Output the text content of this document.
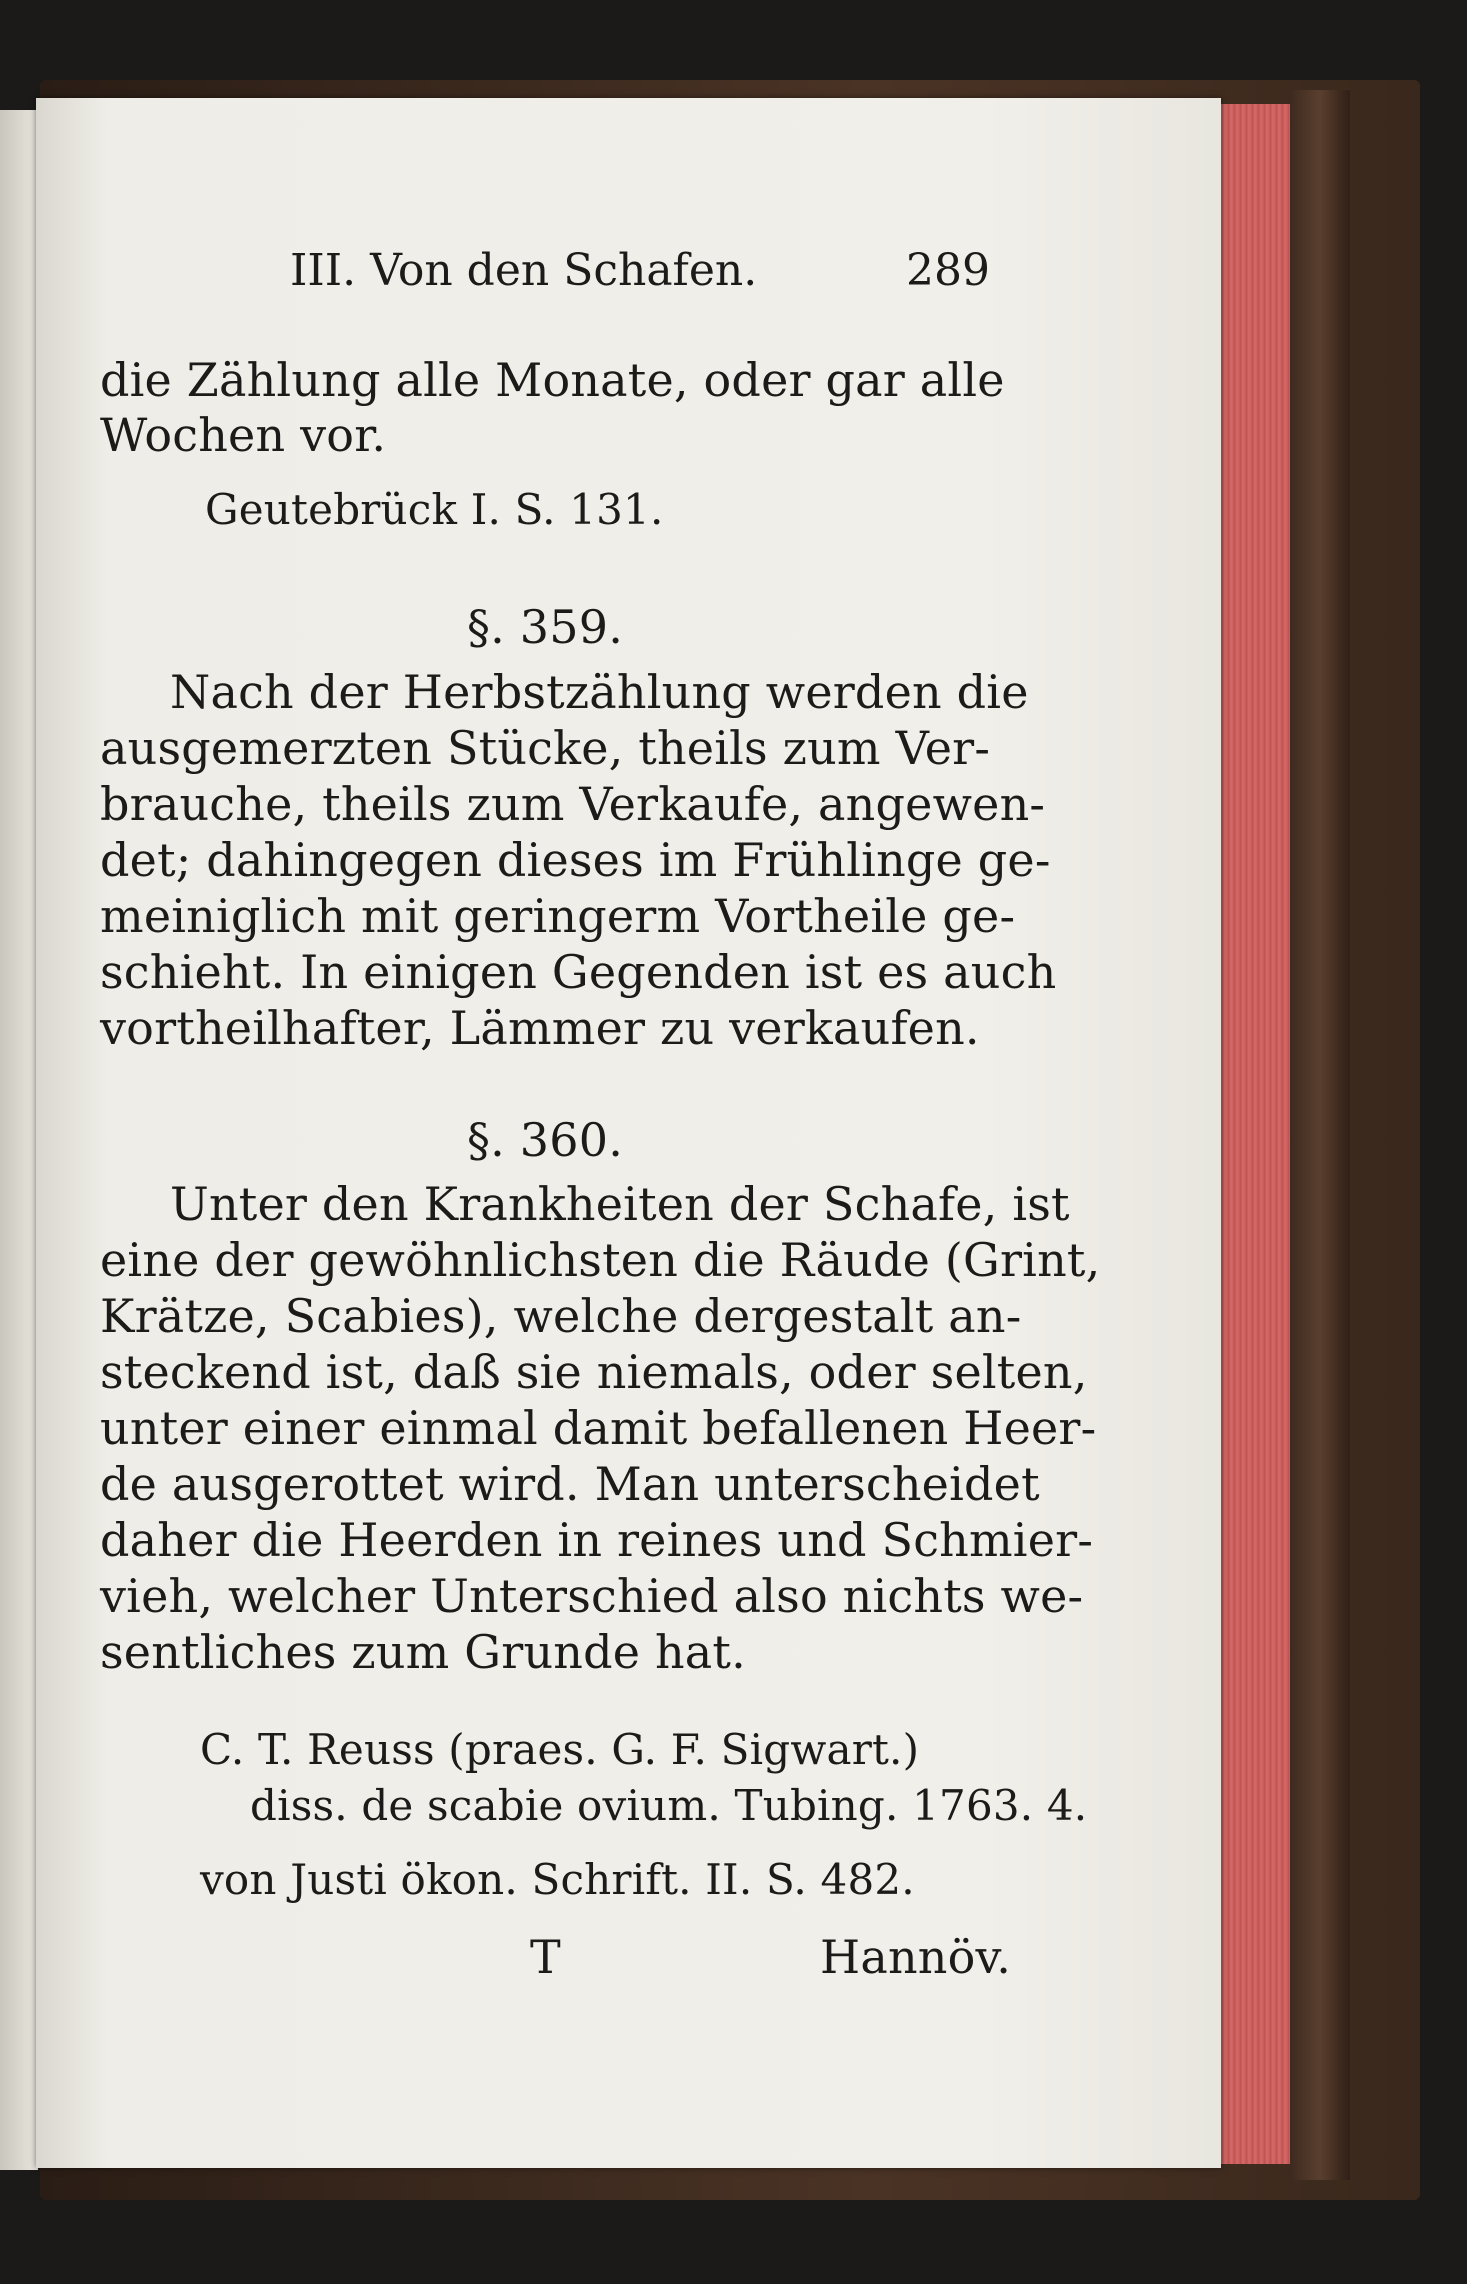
III. Von den Schafen.	289
die Zählung alle Monate, oder gar alle
Wochen vor.
Geutebrück I. S. 131.
§. 359.
Nach der Herbstzählung werden die
ausgemerzten Stücke, theils zum Ver-
brauche, theils zum Verkaufe, angewen-
det; dahingegen dieses im Frühlinge ge-
meiniglich mit geringerm Vortheile ge-
schieht. In einigen Gegenden ist es auch
vortheilhafter, Lämmer zu verkaufen.
§. 360.
Unter den Krankheiten der Schafe, ist
eine der gewöhnlichsten die Räude (Grint,
Krätze, Scabies), welche dergestalt an-
steckend ist, daß sie niemals, oder selten,
unter einer einmal damit befallenen Heer-
de ausgerottet wird. Man unterscheidet
daher die Heerden in reines und Schmier-
vieh, welcher Unterschied also nichts we-
sentliches zum Grunde hat.
C. T. Reuss (praes. G. F. Sigwart.)
diss. de scabie ovium. Tubing. 1763. 4.
von Justi ökon. Schrift. II. S. 482.
T	Hannöv.
